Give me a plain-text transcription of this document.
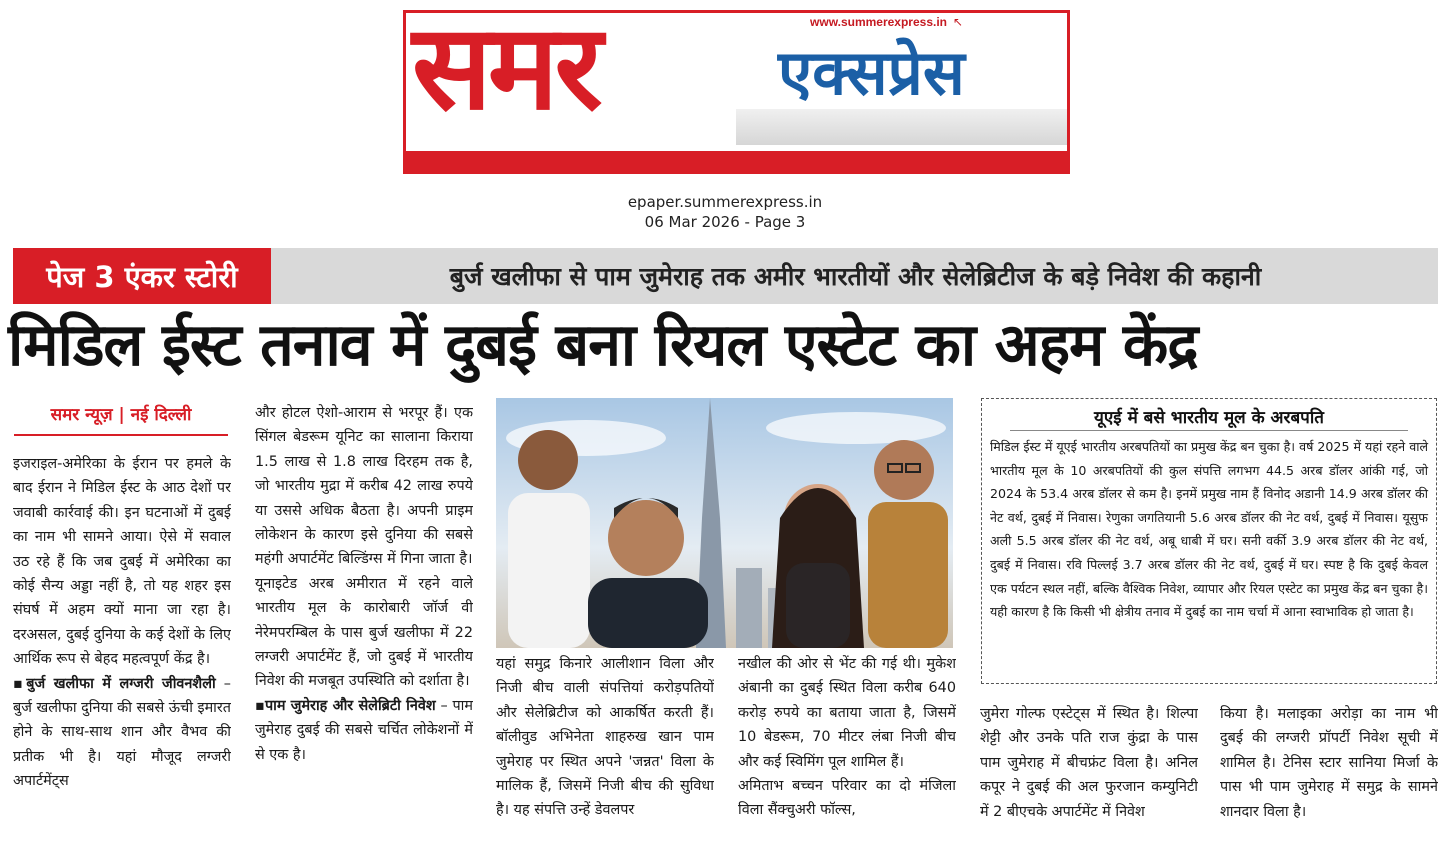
समर	एक्सप्रेस
www.summerexpress.in ↖
epaper.summerexpress.in
06 Mar 2026 - Page 3
पेज 3 एंकर स्टोरी	बुर्ज खलीफा से पाम जुमेराह तक अमीर भारतीयों और सेलेब्रिटीज के बड़े निवेश की कहानी
मिडिल ईस्ट तनाव में दुबई बना रियल एस्टेट का अहम केंद्र
समर न्यूज़ | नई दिल्ली

इजराइल-अमेरिका के ईरान पर हमले के बाद ईरान ने मिडिल ईस्ट के आठ देशों पर जवाबी कार्रवाई की। इन घटनाओं में दुबई का नाम भी सामने आया। ऐसे में सवाल उठ रहे हैं कि जब दुबई में अमेरिका का कोई सैन्य अड्डा नहीं है, तो यह शहर इस संघर्ष में अहम क्यों माना जा रहा है। दरअसल, दुबई दुनिया के कई देशों के लिए आर्थिक रूप से बेहद महत्वपूर्ण केंद्र है।

▪बुर्ज खलीफा में लग्जरी जीवनशैली – बुर्ज खलीफा दुनिया की सबसे ऊंची इमारत होने के साथ-साथ शान और वैभव की प्रतीक भी है। यहां मौजूद लग्जरी अपार्टमेंट्स

और होटल ऐशो-आराम से भरपूर हैं। एक सिंगल बेडरूम यूनिट का सालाना किराया 1.5 लाख से 1.8 लाख दिरहम तक है, जो भारतीय मुद्रा में करीब 42 लाख रुपये या उससे अधिक बैठता है। अपनी प्राइम लोकेशन के कारण इसे दुनिया की सबसे महंगी अपार्टमेंट बिल्डिंग्स में गिना जाता है।

यूनाइटेड अरब अमीरात में रहने वाले भारतीय मूल के कारोबारी जॉर्ज वी नेरेमपरम्बिल के पास बुर्ज खलीफा में 22 लग्जरी अपार्टमेंट हैं, जो दुबई में भारतीय निवेश की मजबूत उपस्थिति को दर्शाता है।

▪पाम जुमेराह और सेलेब्रिटी निवेश – पाम जुमेराह दुबई की सबसे चर्चित लोकेशनों में से एक है।

यहां समुद्र किनारे आलीशान विला और निजी बीच वाली संपत्तियां करोड़पतियों और सेलेब्रिटीज को आकर्षित करती हैं। बॉलीवुड अभिनेता शाहरुख खान पाम जुमेराह पर स्थित अपने 'जन्नत' विला के मालिक हैं, जिसमें निजी बीच की सुविधा है। यह संपत्ति उन्हें डेवलपर

नखील की ओर से भेंट की गई थी। मुकेश अंबानी का दुबई स्थित विला करीब 640 करोड़ रुपये का बताया जाता है, जिसमें 10 बेडरूम, 70 मीटर लंबा निजी बीच और कई स्विमिंग पूल शामिल हैं।

अमिताभ बच्चन परिवार का दो मंजिला विला सैंक्चुअरी फॉल्स,

यूएई में बसे भारतीय मूल के अरबपति

मिडिल ईस्ट में यूएई भारतीय अरबपतियों का प्रमुख केंद्र बन चुका है। वर्ष 2025 में यहां रहने वाले भारतीय मूल के 10 अरबपतियों की कुल संपत्ति लगभग 44.5 अरब डॉलर आंकी गई, जो 2024 के 53.4 अरब डॉलर से कम है। इनमें प्रमुख नाम हैं विनोद अडानी 14.9 अरब डॉलर की नेट वर्थ, दुबई में निवास। रेणुका जगतियानी 5.6 अरब डॉलर की नेट वर्थ, दुबई में निवास। यूसुफ अली 5.5 अरब डॉलर की नेट वर्थ, अबू धाबी में घर। सनी वर्की 3.9 अरब डॉलर की नेट वर्थ, दुबई में निवास। रवि पिल्लई 3.7 अरब डॉलर की नेट वर्थ, दुबई में घर। स्पष्ट है कि दुबई केवल एक पर्यटन स्थल नहीं, बल्कि वैश्विक निवेश, व्यापार और रियल एस्टेट का प्रमुख केंद्र बन चुका है। यही कारण है कि किसी भी क्षेत्रीय तनाव में दुबई का नाम चर्चा में आना स्वाभाविक हो जाता है।

जुमेरा गोल्फ एस्टेट्स में स्थित है। शिल्पा शेट्टी और उनके पति राज कुंद्रा के पास पाम जुमेराह में बीचफ्रंट विला है। अनिल कपूर ने दुबई की अल फुरजान कम्युनिटी में 2 बीएचके अपार्टमेंट में निवेश

किया है। मलाइका अरोड़ा का नाम भी दुबई की लग्जरी प्रॉपर्टी निवेश सूची में शामिल है। टेनिस स्टार सानिया मिर्जा के पास भी पाम जुमेराह में समुद्र के सामने शानदार विला है।
